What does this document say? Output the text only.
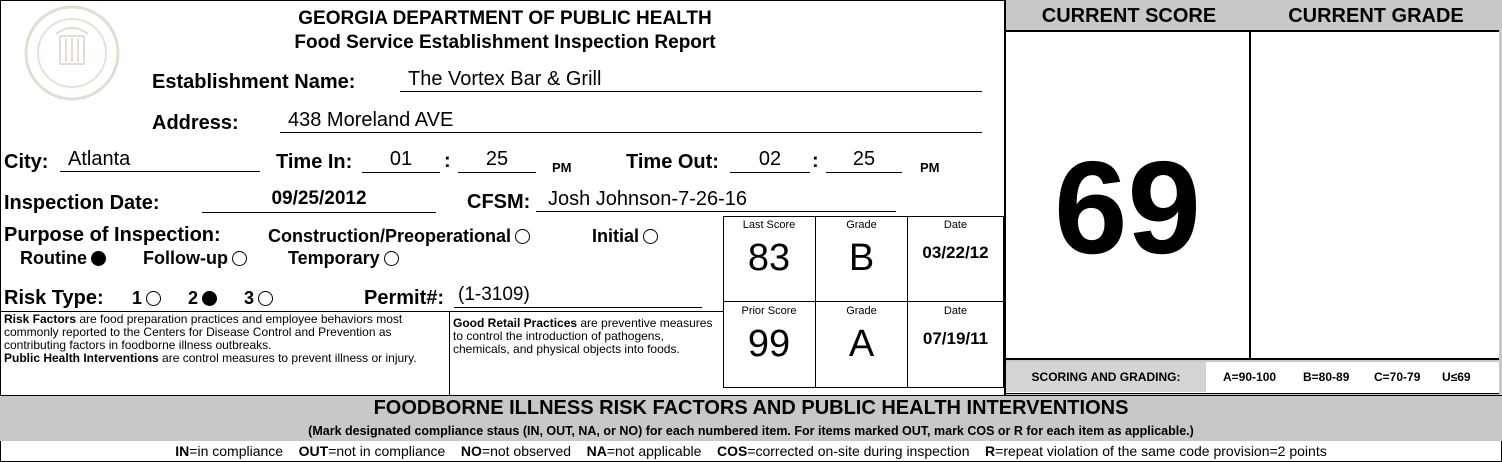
GEORGIA DEPARTMENT OF PUBLIC HEALTH
Food Service Establishment Inspection Report
Establishment Name:	The Vortex Bar & Grill
Address:	438 Moreland AVE
City: Atlanta	Time In:	01	:	25	PM	Time Out:	02	:	25	PM
Inspection Date:	09/25/2012	CFSM: Josh Johnson-7-26-16
Purpose of Inspection:	Construction/Preoperational	Initial
Routine	Follow-up	Temporary
Risk Type: 1	2	3	Permit#: (1-3109)
Risk Factors are food preparation practices and employee behaviors most commonly reported to the Centers for Disease Control and Prevention as contributing factors in foodborne illness outbreaks.
Public Health Interventions are control measures to prevent illness or injury.
Good Retail Practices are preventive measures to control the introduction of pathogens, chemicals, and physical objects into foods.
Last Score
83
Grade
B
Date
03/22/12
Prior Score
99
Grade
A
Date
07/19/11
CURRENT SCORE	CURRENT GRADE
69
SCORING AND GRADING:	A=90-100 B=80-89 C=70-79 U≤69
FOODBORNE ILLNESS RISK FACTORS AND PUBLIC HEALTH INTERVENTIONS
(Mark designated compliance staus (IN, OUT, NA, or NO) for each numbered item. For items marked OUT, mark COS or R for each item as applicable.)
IN=in compliance OUT=not in compliance NO=not observed NA=not applicable COS=corrected on-site during inspection R=repeat violation of the same code provision=2 points
